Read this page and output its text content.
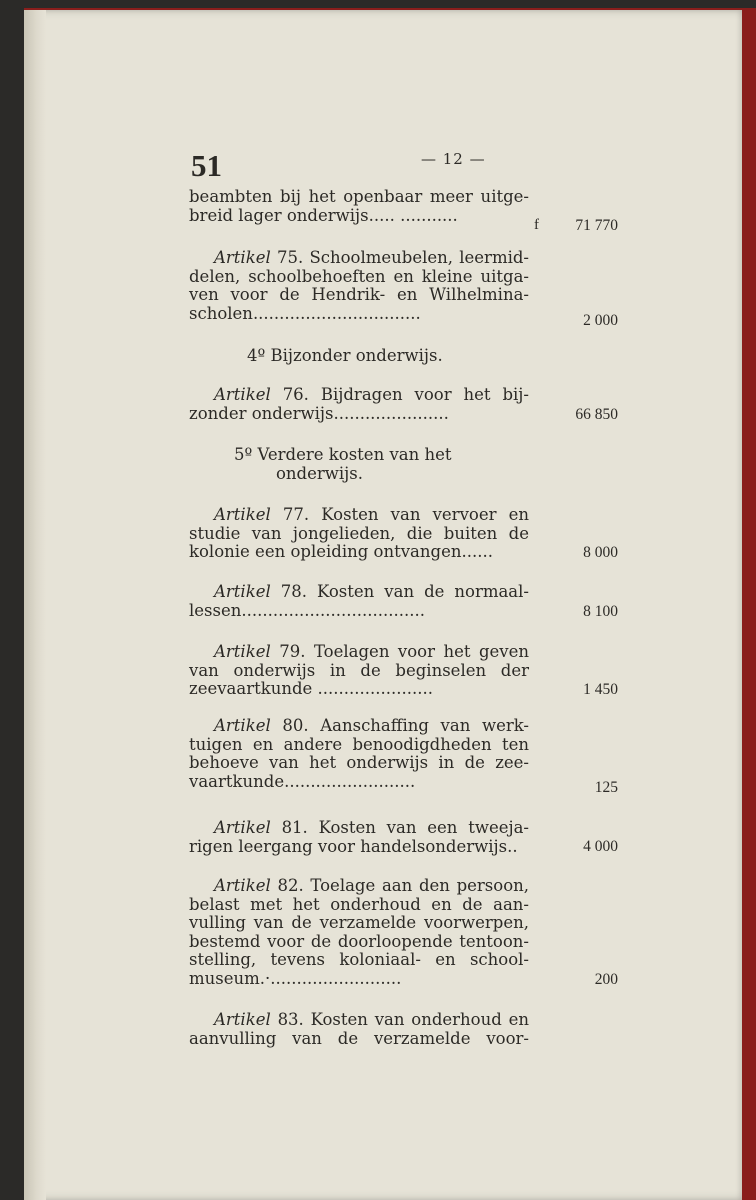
51	— 12 —
beambten bij het openbaar meer uitge-
breid lager onderwijs..... ...........
f 71 770
Artikel 75. Schoolmeubelen, leermid-
delen, schoolbehoeften en kleine uitga-
ven voor de Hendrik- en Wilhelmina-
scholen................................	2 000
4º Bijzonder onderwijs.
Artikel 76. Bijdragen voor het bij-
zonder onderwijs......................	66 850
5º Verdere kosten van het
onderwijs.
Artikel 77. Kosten van vervoer en
studie van jongelieden, die buiten de
kolonie een opleiding ontvangen......	8 000
Artikel 78. Kosten van de normaal-
lessen...................................	8 100
Artikel 79. Toelagen voor het geven
van onderwijs in de beginselen der
zeevaartkunde ......................	1 450
Artikel 80. Aanschaffing van werk-
tuigen en andere benoodigdheden ten
behoeve van het onderwijs in de zee-
vaartkunde.........................	125
Artikel 81. Kosten van een tweeja-
rigen leergang voor handelsonderwijs..	4 000
Artikel 82. Toelage aan den persoon,
belast met het onderhoud en de aan-
vulling van de verzamelde voorwerpen,
bestemd voor de doorloopende tentoon-
stelling, tevens koloniaal- en school-
museum.·.........................	200
Artikel 83. Kosten van onderhoud en
aanvulling van de verzamelde voor-
